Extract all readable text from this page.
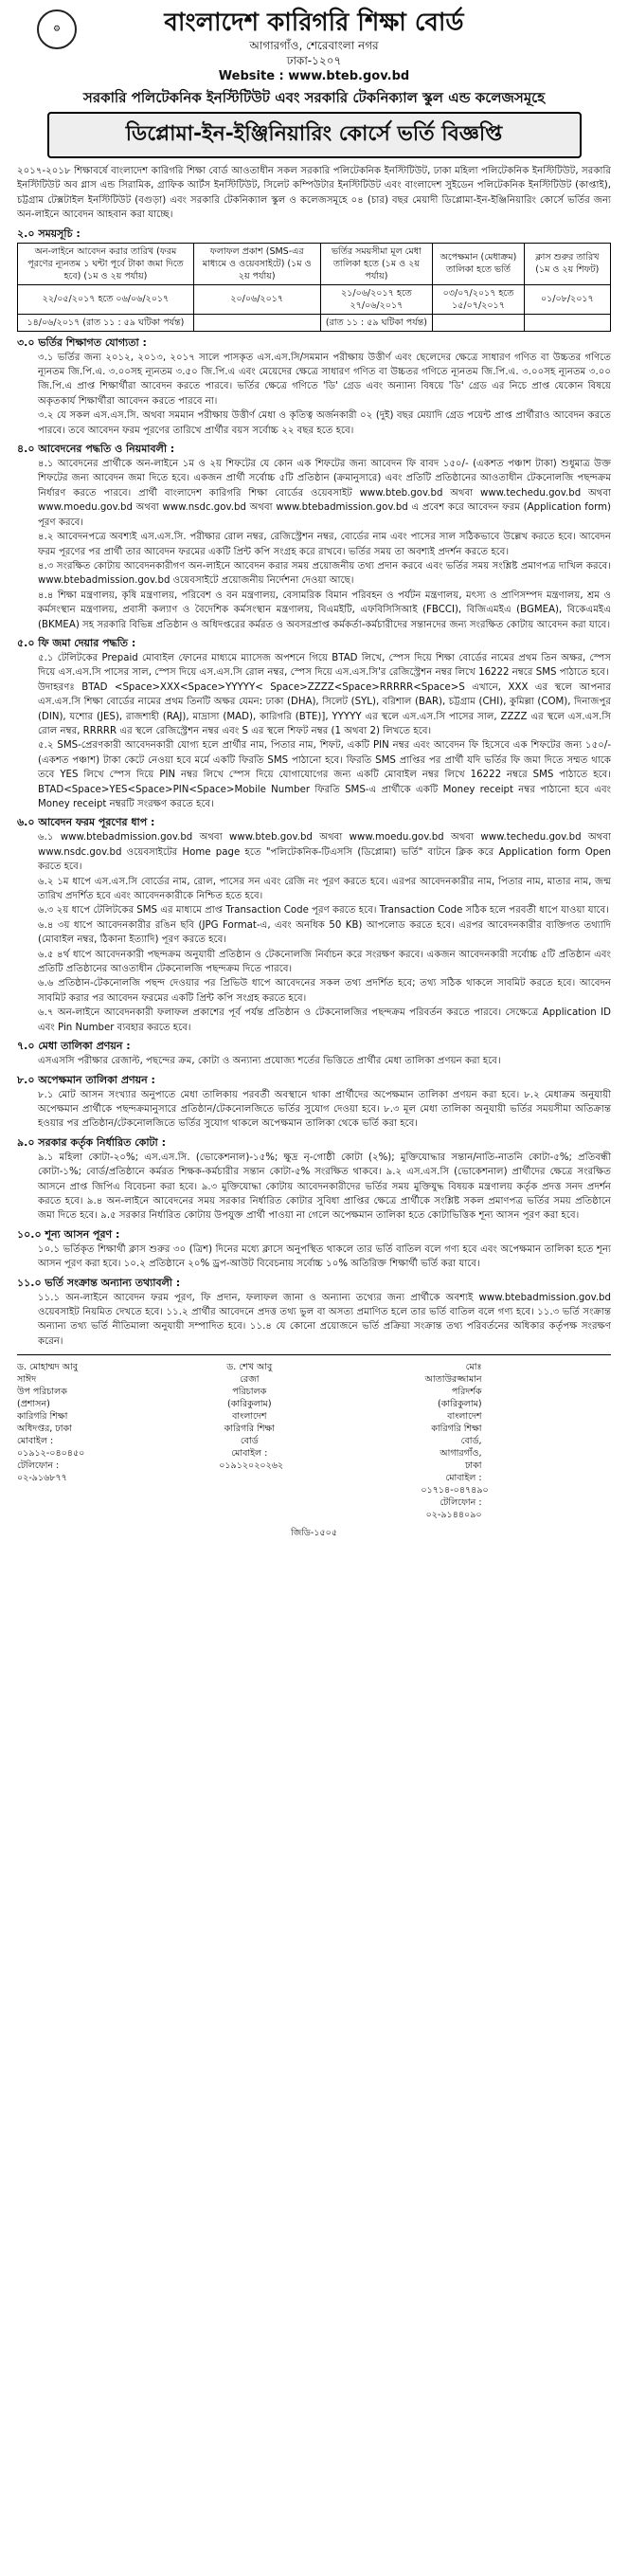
⚙	বাংলাদেশ কারিগরি শিক্ষা বোর্ড
আগারগাঁও, শেরেবাংলা নগর
ঢাকা-১২০৭
Website : www.bteb.gov.bd
সরকারি পলিটেকনিক ইনস্টিটিউট এবং সরকারি টেকনিক্যাল স্কুল এন্ড কলেজসমূহে
ডিপ্লোমা-ইন-ইঞ্জিনিয়ারিং কোর্সে ভর্তি বিজ্ঞপ্তি

২০১৭-২০১৮ শিক্ষাবর্ষে বাংলাদেশ কারিগরি শিক্ষা বোর্ড আওতাধীন সকল সরকারি পলিটেকনিক ইনস্টিটিউট, ঢাকা মহিলা পলিটেকনিক ইনস্টিটিউট, সরকারি ইনস্টিটিউট অব গ্লাস এন্ড সিরামিক, গ্রাফিক আর্টস ইনস্টিটিউট, সিলেট কম্পিউটার ইনস্টিটিউট এবং বাংলাদেশ সুইডেন পলিটেকনিক ইনস্টিটিউট (কাপ্তাই), চট্টগ্রাম টেক্সটাইল ইনস্টিটিউট (বগুড়া) এবং সরকারি টেকনিক্যাল স্কুল ও কলেজসমূহে ০৪ (চার) বছর মেয়াদী ডিপ্লোমা-ইন-ইঞ্জিনিয়ারিং কোর্সে ভর্তির জন্য অন-লাইনে আবেদন আহবান করা যাচ্ছে।

২.০ সময়সূচি :
অন-লাইনে আবেদন করার তারিখ (ফরম পূরণের ন্যূনতম ১ ঘন্টা পূর্বে টাকা জমা দিতে হবে) (১ম ও ২য় পর্যায়)	ফলাফল প্রকাশ (SMS-এর মাধ্যমে ও ওয়েবসাইটে) (১ম ও ২য় পর্যায়)	ভর্তির সময়সীমা মূল মেধা তালিকা হতে (১ম ও ২য় পর্যায়)	অপেক্ষমান (মেধাক্রম) তালিকা হতে ভর্তি	ক্লাস শুরুর তারিখ (১ম ও ২য় শিফট)
২২/০৫/২০১৭ হতে ০৬/০৬/২০১৭	২০/০৬/২০১৭	২১/০৬/২০১৭ হতে ২৭/০৬/২০১৭	০৩/০৭/২০১৭ হতে ১৫/০৭/২০১৭	০১/০৮/২০১৭
১৪/০৬/২০১৭ (রাত ১১ : ৫৯ ঘটিকা পর্যন্ত)		(রাত ১১ : ৫৯ ঘটিকা পর্যন্ত)		
৩.০ ভর্তির শিক্ষাগত যোগ্যতা :

৩.১ ভর্তির জন্য ২০১২, ২০১৩, ২০১৭ সালে পাসকৃত এস.এস.সি/সমমান পরীক্ষায় উত্তীর্ণ এবং ছেলেদের ক্ষেত্রে সাধারণ গণিত বা উচ্চতর গণিতে ন্যূনতম জি.পি.এ. ৩.০০সহ ন্যূনতম ৩.৫০ জি.পি.এ এবং মেয়েদের ক্ষেত্রে সাধারণ গণিত বা উচ্চতর গণিতে ন্যূনতম জি.পি.এ. ৩.০০সহ ন্যূনতম ৩.০০ জি.পি.এ প্রাপ্ত শিক্ষার্থীরা আবেদন করতে পারবে। ভর্তির ক্ষেত্রে গণিতে 'ডি' গ্রেড এবং অন্যান্য বিষয়ে 'ডি' গ্রেড এর নিচে প্রাপ্ত যেকোন বিষয়ে অকৃতকার্য শিক্ষার্থীরা আবেদন করতে পারবে না।

৩.২ যে সকল এস.এস.সি. অথবা সমমান পরীক্ষায় উত্তীর্ণ মেধা ও কৃতিত্ব অর্জনকারী ০২ (দুই) বছর মেয়াদি গ্রেড পয়েন্ট প্রাপ্ত প্রার্থীরাও আবেদন করতে পারবে। তবে আবেদন ফরম পূরণের তারিখে প্রার্থীর বয়স সর্বোচ্চ ২২ বছর হতে হবে।

৪.০ আবেদনের পদ্ধতি ও নিয়মাবলী :

৪.১ আবেদনের প্রার্থীকে অন-লাইনে ১ম ও ২য় শিফটের যে কোন এক শিফটের জন্য আবেদন ফি বাবদ ১৫০/- (একশত পঞ্চাশ টাকা) শুধুমাত্র উক্ত শিফটের জন্য আবেদন জমা দিতে হবে। একজন প্রার্থী সর্বোচ্চ ৫টি প্রতিষ্ঠান (ক্রমানুসারে) এবং প্রতিটি প্রতিষ্ঠানের আওতাধীন টেকনোলজি পছন্দক্রম নির্ধারণ করতে পারবে। প্রার্থী বাংলাদেশ কারিগরি শিক্ষা বোর্ডের ওয়েবসাইট www.bteb.gov.bd অথবা www.techedu.gov.bd অথবা www.moedu.gov.bd অথবা www.nsdc.gov.bd অথবা www.btebadmission.gov.bd এ প্রবেশ করে আবেদন ফরম (Application form) পূরণ করবে।

৪.২ আবেদনপত্রে অবশ্যই এস.এস.সি. পরীক্ষার রোল নম্বর, রেজিস্ট্রেশন নম্বর, বোর্ডের নাম এবং পাসের সাল সঠিকভাবে উল্লেখ করতে হবে। আবেদন ফরম পূরণের পর প্রার্থী তার আবেদন ফরমের একটি প্রিন্ট কপি সংগ্রহ করে রাখবে। ভর্তির সময় তা অবশ্যই প্রদর্শন করতে হবে।

৪.৩ সংরক্ষিত কোটায় আবেদনকারীগণ অন-লাইনে আবেদন করার সময় প্রয়োজনীয় তথ্য প্রদান করবে এবং ভর্তির সময় সংশ্লিষ্ট প্রমাণপত্র দাখিল করবে। www.btebadmission.gov.bd ওয়েবসাইটে প্রয়োজনীয় নির্দেশনা দেওয়া আছে।

৪.৪ শিক্ষা মন্ত্রণালয়, কৃষি মন্ত্রণালয়, পরিবেশ ও বন মন্ত্রণালয়, বেসামরিক বিমান পরিবহন ও পর্যটন মন্ত্রণালয়, মৎস্য ও প্রাণিসম্পদ মন্ত্রণালয়, শ্রম ও কর্মসংস্থান মন্ত্রণালয়, প্রবাসী কল্যাণ ও বৈদেশিক কর্মসংস্থান মন্ত্রণালয়, বিএমইটি, এফবিসিসিআই (FBCCI), বিজিএমইএ (BGMEA), বিকেএমইএ (BKMEA) সহ সরকারি বিভিন্ন প্রতিষ্ঠান ও অধিদপ্তরের কর্মরত ও অবসরপ্রাপ্ত কর্মকর্তা-কর্মচারীদের সন্তানদের জন্য সংরক্ষিত কোটায় আবেদন করা যাবে।

৫.০ ফি জমা দেয়ার পদ্ধতি :

৫.১ টেলিটকের Prepaid মোবাইল ফোনের মাধ্যমে ম্যাসেজ অপশনে গিয়ে BTAD লিখে, স্পেস দিয়ে শিক্ষা বোর্ডের নামের প্রথম তিন অক্ষর, স্পেস দিয়ে এস.এস.সি পাসের সাল, স্পেস দিয়ে এস.এস.সি রোল নম্বর, স্পেস দিয়ে এস.এস.সি'র রেজিস্ট্রেশন নম্বর লিখে 16222 নম্বরে SMS পাঠাতে হবে।

উদাহরণঃ BTAD <Space>XXX<Space>YYYYY< Space>ZZZZ<Space>RRRRR<Space>S এখানে, XXX এর স্থলে আপনার এস.এস.সি শিক্ষা বোর্ডের নামের প্রথম তিনটি অক্ষর যেমন: ঢাকা (DHA), সিলেট (SYL), বরিশাল (BAR), চট্টগ্রাম (CHI), কুমিল্লা (COM), দিনাজপুর (DIN), যশোর (JES), রাজশাহী (RAJ), মাদ্রাসা (MAD), কারিগরি (BTE)], YYYYY এর স্থলে এস.এস.সি পাসের সাল, ZZZZ এর স্থলে এস.এস.সি রোল নম্বর, RRRRR এর স্থলে রেজিস্ট্রেশন নম্বর এবং S এর স্থলে শিফট নম্বর (1 অথবা 2) লিখতে হবে।

৫.২ SMS-প্রেরণকারী আবেদনকারী যোগ্য হলে প্রার্থীর নাম, পিতার নাম, শিফট, একটি PIN নম্বর এবং আবেদন ফি হিসেবে এক শিফটের জন্য ১৫০/-(একশত পঞ্চাশ) টাকা কেটে নেওয়া হবে মর্মে একটি ফিরতি SMS পাঠানো হবে। ফিরতি SMS প্রাপ্তির পর প্রার্থী যদি ভর্তির ফি জমা দিতে সম্মত থাকে তবে YES লিখে স্পেস দিয়ে PIN নম্বর লিখে স্পেস দিয়ে যোগাযোগের জন্য একটি মোবাইল নম্বর লিখে 16222 নম্বরে SMS পাঠাতে হবে। BTAD<Space>YES<Space>PIN<Space>Mobile Number ফিরতি SMS-এ প্রার্থীকে একটি Money receipt নম্বর পাঠানো হবে এবং Money receipt নম্বরটি সংরক্ষণ করতে হবে।

৬.০ আবেদন ফরম পূরণের ধাপ :

৬.১ www.btebadmission.gov.bd অথবা www.bteb.gov.bd অথবা www.moedu.gov.bd অথবা www.techedu.gov.bd অথবা www.nsdc.gov.bd ওয়েবসাইটের Home page হতে "পলিটেকনিক-টিএসসি (ডিপ্লোমা) ভর্তি" বাটনে ক্লিক করে Application form Open করতে হবে।

৬.২ ১ম ধাপে এস.এস.সি বোর্ডের নাম, রোল, পাসের সন এবং রেজি নং পূরণ করতে হবে। এরপর আবেদনকারীর নাম, পিতার নাম, মাতার নাম, জন্ম তারিখ প্রদর্শিত হবে এবং আবেদনকারীকে নিশ্চিত হতে হবে।

৬.৩ ২য় ধাপে টেলিটকের SMS এর মাধ্যমে প্রাপ্ত Transaction Code পূরণ করতে হবে। Transaction Code সঠিক হলে পরবর্তী ধাপে যাওয়া যাবে।

৬.৪ ৩য় ধাপে আবেদনকারীর রঙিন ছবি (JPG Format-এ, এবং অনধিক 50 KB) আপলোড করতে হবে। এরপর আবেদনকারীর ব্যক্তিগত তথ্যাদি (মোবাইল নম্বর, ঠিকানা ইত্যাদি) পূরণ করতে হবে।

৬.৫ ৪র্থ ধাপে আবেদনকারী পছন্দক্রম অনুযায়ী প্রতিষ্ঠান ও টেকনোলজি নির্বাচন করে সংরক্ষণ করবে। একজন আবেদনকারী সর্বোচ্চ ৫টি প্রতিষ্ঠান এবং প্রতিটি প্রতিষ্ঠানের আওতাধীন টেকনোলজি পছন্দক্রম দিতে পারবে।

৬.৬ প্রতিষ্ঠান-টেকনোলজি পছন্দ দেওয়ার পর প্রিভিউ ধাপে আবেদনের সকল তথ্য প্রদর্শিত হবে; তথ্য সঠিক থাকলে সাবমিট করতে হবে। আবেদন সাবমিট করার পর আবেদন ফরমের একটি প্রিন্ট কপি সংগ্রহ করতে হবে।

৬.৭ অন-লাইনে আবেদনকারী ফলাফল প্রকাশের পূর্ব পর্যন্ত প্রতিষ্ঠান ও টেকনোলজির পছন্দক্রম পরিবর্তন করতে পারবে। সেক্ষেত্রে Application ID এবং Pin Number ব্যবহার করতে হবে।

৭.০ মেধা তালিকা প্রণয়ন :

এসএসসি পরীক্ষার রেজাল্ট, পছন্দের ক্রম, কোটা ও অন্যান্য প্রযোজ্য শর্তের ভিত্তিতে প্রার্থীর মেধা তালিকা প্রণয়ন করা হবে।

৮.০ অপেক্ষমান তালিকা প্রণয়ন :

৮.১ মোট আসন সংখ্যার অনুপাতে মেধা তালিকায় পরবর্তী অবস্থানে থাকা প্রার্থীদের অপেক্ষমান তালিকা প্রণয়ন করা হবে। ৮.২ মেধাক্রম অনুযায়ী অপেক্ষমান প্রার্থীকে পছন্দক্রমানুসারে প্রতিষ্ঠান/টেকনোলজিতে ভর্তির সুযোগ দেওয়া হবে। ৮.৩ মূল মেধা তালিকা অনুযায়ী ভর্তির সময়সীমা অতিক্রান্ত হওয়ার পর প্রতিষ্ঠান/টেকনোলজিতে ভর্তির সুযোগ থাকলে অপেক্ষমান তালিকা থেকে ভর্তি করা হবে।

৯.০ সরকার কর্তৃক নির্ধারিত কোটা :

৯.১ মহিলা কোটা-২০%; এস.এস.সি. (ভোকেশনাল)-১৫%; ক্ষুদ্র নৃ-গোষ্ঠী কোটা (২%); মুক্তিযোদ্ধার সন্তান/নাতি-নাতনি কোটা-৫%; প্রতিবন্ধী কোটা-১%; বোর্ড/প্রতিষ্ঠানে কর্মরত শিক্ষক-কর্মচারীর সন্তান কোটা-৫% সংরক্ষিত থাকবে। ৯.২ এস.এস.সি (ভোকেশনাল) প্রার্থীদের ক্ষেত্রে সংরক্ষিত আসনে প্রাপ্ত জিপিএ বিবেচনা করা হবে। ৯.৩ মুক্তিযোদ্ধা কোটায় আবেদনকারীদের ভর্তির সময় মুক্তিযুদ্ধ বিষয়ক মন্ত্রণালয় কর্তৃক প্রদত্ত সনদ প্রদর্শন করতে হবে। ৯.৪ অন-লাইনে আবেদনের সময় সরকার নির্ধারিত কোটার সুবিধা প্রাপ্তির ক্ষেত্রে প্রার্থীকে সংশ্লিষ্ট সকল প্রমাণপত্র ভর্তির সময় প্রতিষ্ঠানে জমা দিতে হবে। ৯.৫ সরকার নির্ধারিত কোটায় উপযুক্ত প্রার্থী পাওয়া না গেলে অপেক্ষমান তালিকা হতে কোটাভিত্তিক শূন্য আসন পূরণ করা হবে।

১০.০ শূন্য আসন পূরণ :

১০.১ ভর্তিকৃত শিক্ষার্থী ক্লাস শুরুর ৩০ (ত্রিশ) দিনের মধ্যে ক্লাসে অনুপস্থিত থাকলে তার ভর্তি বাতিল বলে গণ্য হবে এবং অপেক্ষমান তালিকা হতে শূন্য আসন পূরণ করা হবে। ১০.২ প্রতিষ্ঠানে ২০% ড্রপ-আউট বিবেচনায় সর্বোচ্চ ১০% অতিরিক্ত শিক্ষার্থী ভর্তি করা যাবে।

১১.০ ভর্তি সংক্রান্ত অন্যান্য তথ্যাবলী :

১১.১ অন-লাইনে আবেদন ফরম পূরণ, ফি প্রদান, ফলাফল জানা ও অন্যান্য তথ্যের জন্য প্রার্থীকে অবশ্যই www.btebadmission.gov.bd ওয়েবসাইট নিয়মিত দেখতে হবে। ১১.২ প্রার্থীর আবেদনে প্রদত্ত তথ্য ভুল বা অসত্য প্রমাণিত হলে তার ভর্তি বাতিল বলে গণ্য হবে। ১১.৩ ভর্তি সংক্রান্ত অন্যান্য তথ্য ভর্তি নীতিমালা অনুযায়ী সম্পাদিত হবে। ১১.৪ যে কোনো প্রয়োজনে ভর্তি প্রক্রিয়া সংক্রান্ত তথ্য পরিবর্তনের অধিকার কর্তৃপক্ষ সংরক্ষণ করেন।

ড. মোহাম্মদ আবু সাঈদ
উপ পরিচালক (প্রশাসন)
কারিগরি শিক্ষা অধিদপ্তর, ঢাকা
মোবাইল : ০১৯১২-০৪০৪৫০
টেলিফোন : ০২-৯১৬৮৭৭
ড. শেখ আবু রেজা
পরিচালক (কারিকুলাম)
বাংলাদেশ কারিগরি শিক্ষা বোর্ড
মোবাইল : ০১৯১২০২০২৬২
মোঃ আতাউরজ্জামান
পরিদর্শক (কারিকুলাম)
বাংলাদেশ কারিগরি শিক্ষা বোর্ড, আগারগাঁও, ঢাকা
মোবাইল : ০১৭১৪-০৪৭৪৯০
টেলিফোন : ০২-৯১৪৪০৯০
জিডি-১৫০৫
